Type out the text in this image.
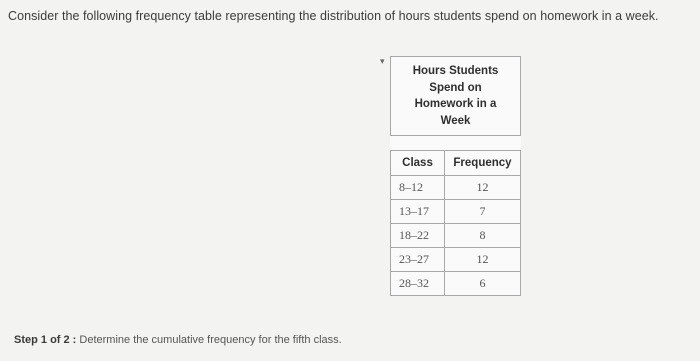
Consider the following frequency table representing the distribution of hours students spend on homework in a week.
▾
Hours Students
Spend on
Homework in a
Week	

Class	Frequency
8–12	12
13–17	7
18–22	8
23–27	12
28–32	6
Step 1 of 2 : Determine the cumulative frequency for the fifth class.
